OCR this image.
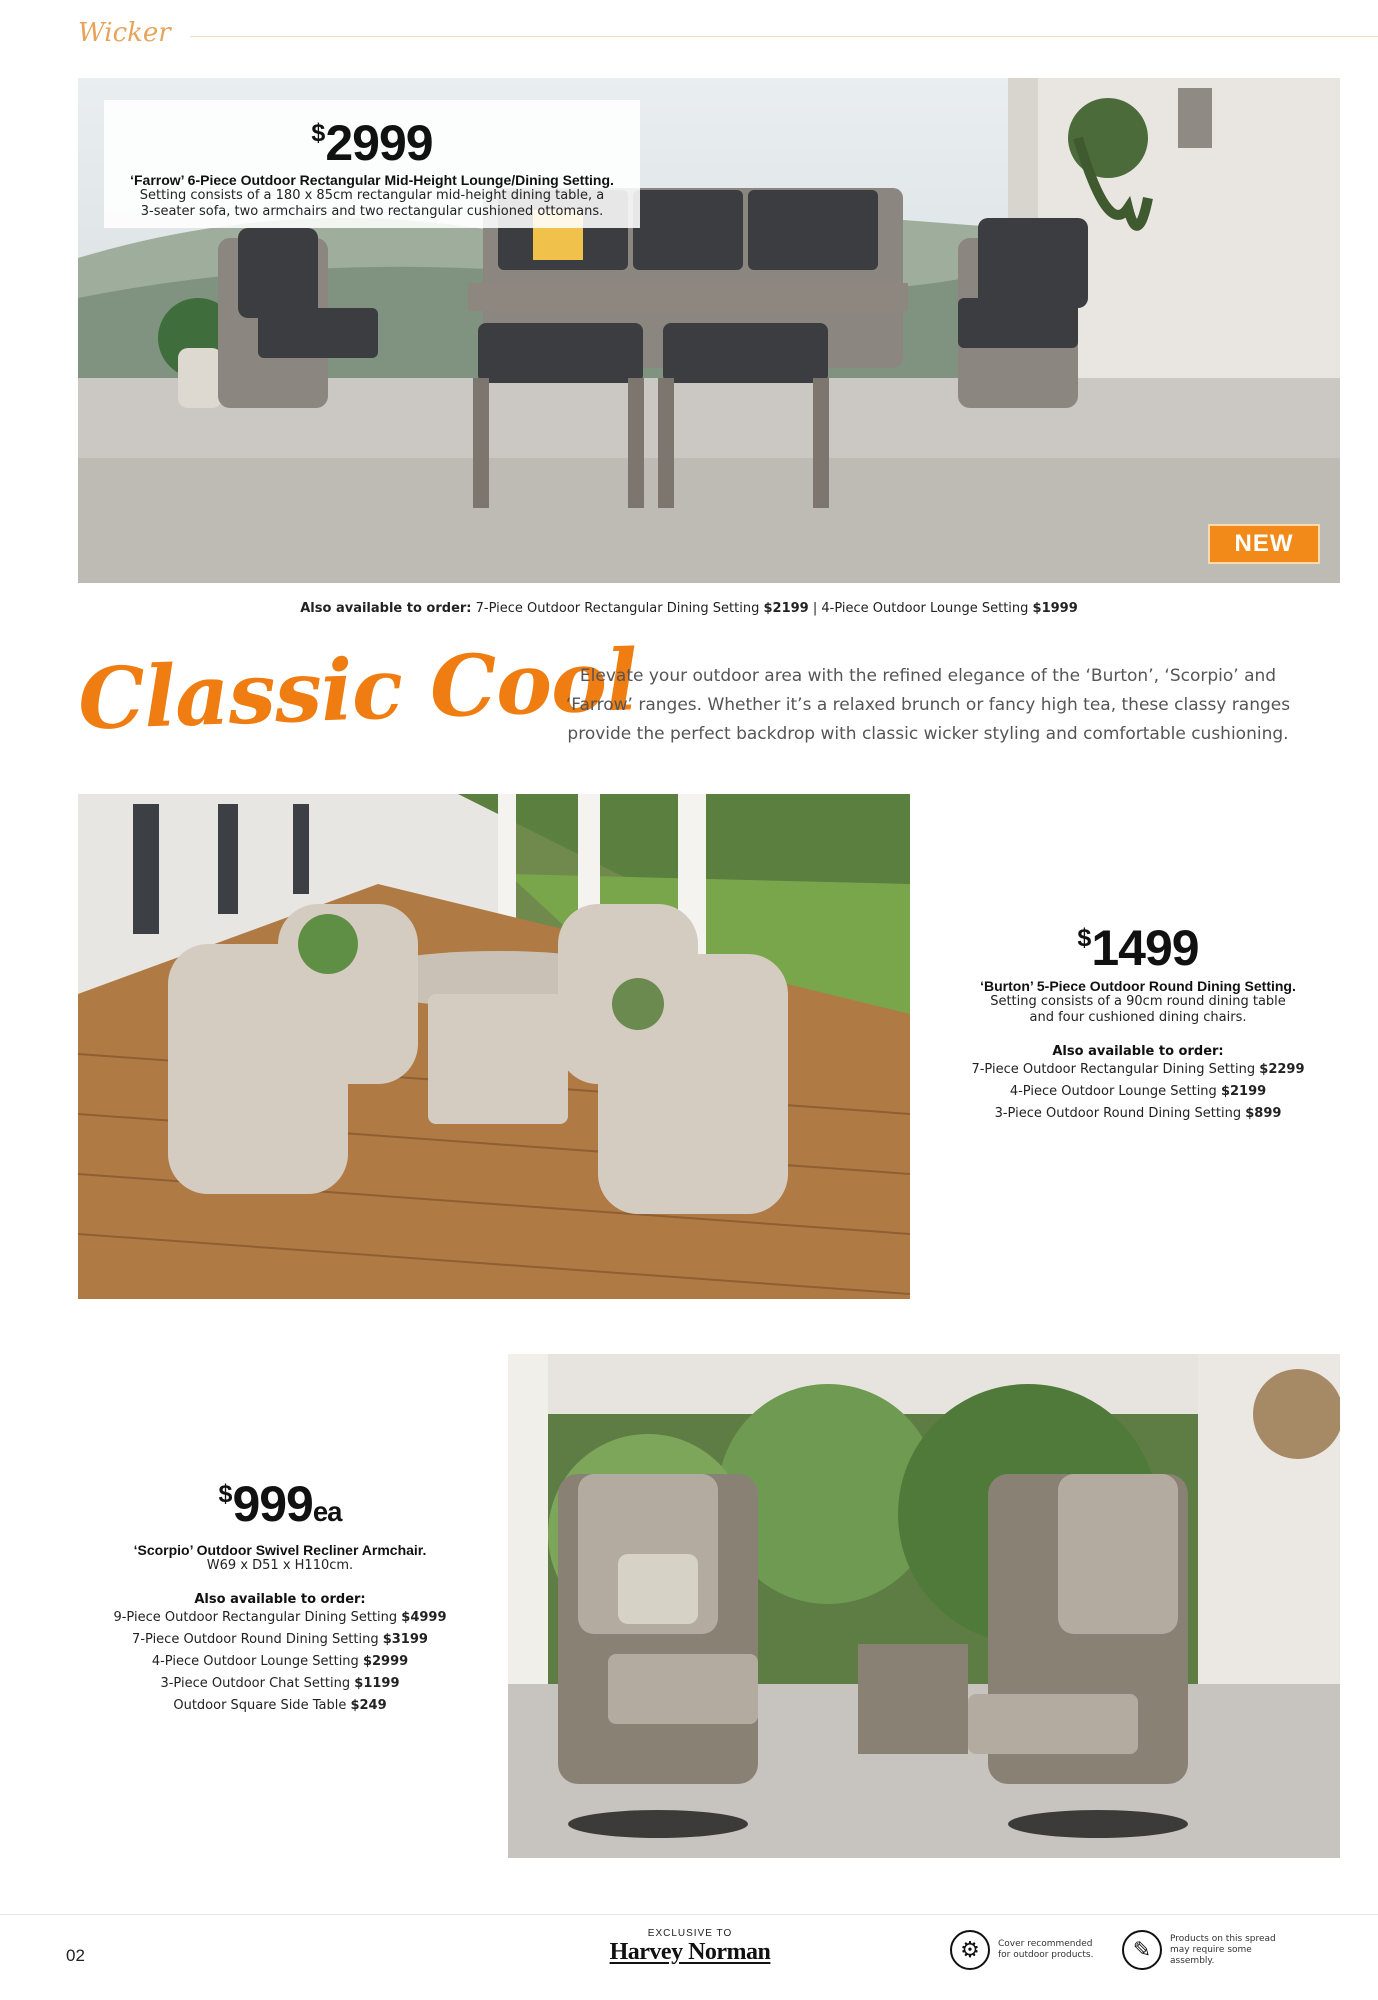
Wicker
$2999
‘Farrow’ 6-Piece Outdoor Rectangular Mid-Height Lounge/Dining Setting.
Setting consists of a 180 x 85cm rectangular mid-height dining table, a
3-seater sofa, two armchairs and two rectangular cushioned ottomans.
NEW
Also available to order: 7-Piece Outdoor Rectangular Dining Setting $2199 | 4-Piece Outdoor Lounge Setting $1999
Classic Cool
Elevate your outdoor area with the refined elegance of the ‘Burton’, ‘Scorpio’ and
‘Farrow’ ranges. Whether it’s a relaxed brunch or fancy high tea, these classy ranges
provide the perfect backdrop with classic wicker styling and comfortable cushioning.
$1499
‘Burton’ 5-Piece Outdoor Round Dining Setting.
Setting consists of a 90cm round dining table
and four cushioned dining chairs.
Also available to order:
7-Piece Outdoor Rectangular Dining Setting $2299
4-Piece Outdoor Lounge Setting $2199
3-Piece Outdoor Round Dining Setting $899
$999ea
‘Scorpio’ Outdoor Swivel Recliner Armchair.
W69 x D51 x H110cm.
Also available to order:
9-Piece Outdoor Rectangular Dining Setting $4999
7-Piece Outdoor Round Dining Setting $3199
4-Piece Outdoor Lounge Setting $2999
3-Piece Outdoor Chat Setting $1199
Outdoor Square Side Table $249
02
EXCLUSIVE TO
Harvey Norman	⚙	Cover recommended
for outdoor products.	✎	Products on this spread
may require some assembly.
